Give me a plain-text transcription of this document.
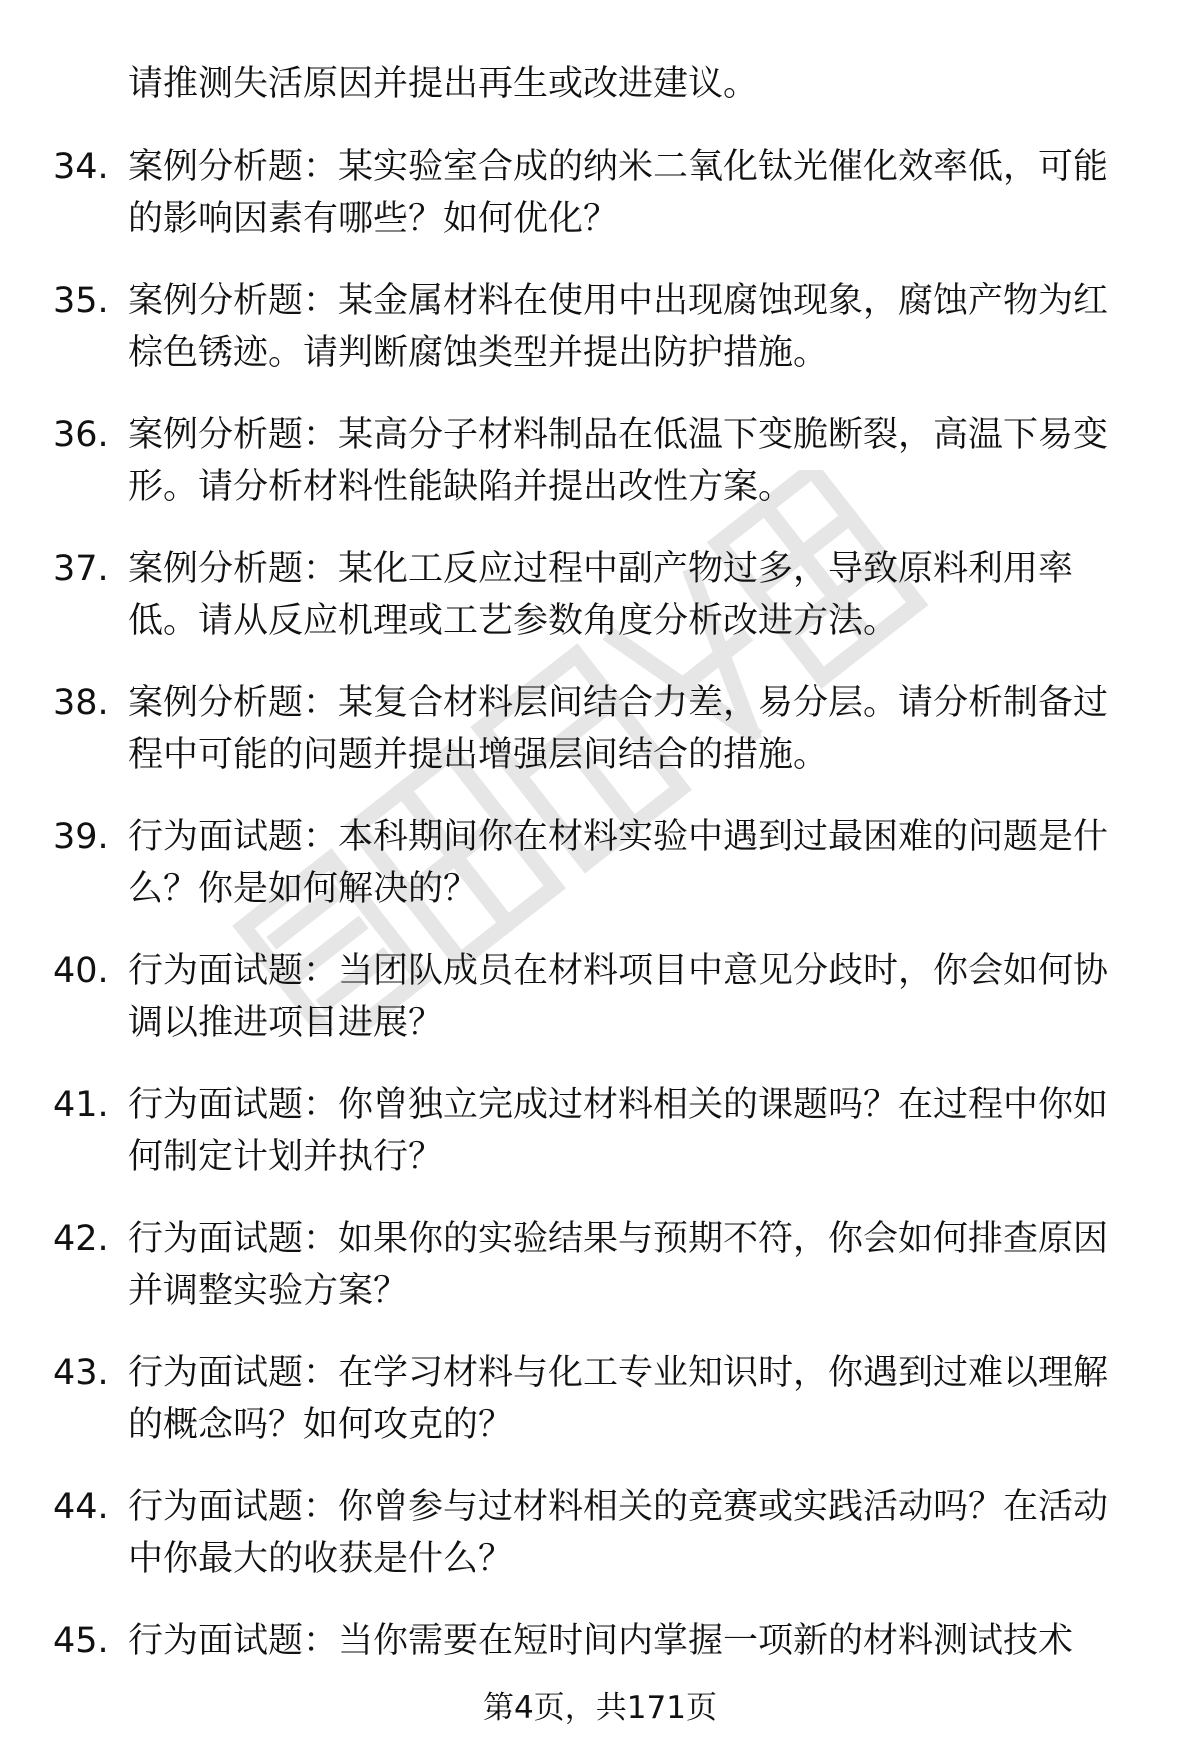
请推测失活原因并提出再生或改进建议。
34. 案例分析题：某实验室合成的纳米二氧化钛光催化效率低，可能
的影响因素有哪些？如何优化？
35. 案例分析题：某金属材料在使用中出现腐蚀现象，腐蚀产物为红
棕色锈迹。请判断腐蚀类型并提出防护措施。
36. 案例分析题：某高分子材料制品在低温下变脆断裂，高温下易变
形。请分析材料性能缺陷并提出改性方案。
37. 案例分析题：某化工反应过程中副产物过多，导致原料利用率
低。请从反应机理或工艺参数角度分析改进方法。
38. 案例分析题：某复合材料层间结合力差，易分层。请分析制备过
程中可能的问题并提出增强层间结合的措施。
39. 行为面试题：本科期间你在材料实验中遇到过最困难的问题是什
么？你是如何解决的？
40. 行为面试题：当团队成员在材料项目中意见分歧时，你会如何协
调以推进项目进展？
41. 行为面试题：你曾独立完成过材料相关的课题吗？在过程中你如
何制定计划并执行？
42. 行为面试题：如果你的实验结果与预期不符，你会如何排查原因
并调整实验方案？
43. 行为面试题：在学习材料与化工专业知识时，你遇到过难以理解
的概念吗？如何攻克的？
44. 行为面试题：你曾参与过材料相关的竞赛或实践活动吗？在活动
中你最大的收获是什么？
45. 行为面试题：当你需要在短时间内掌握一项新的材料测试技术
第4页，共171页
